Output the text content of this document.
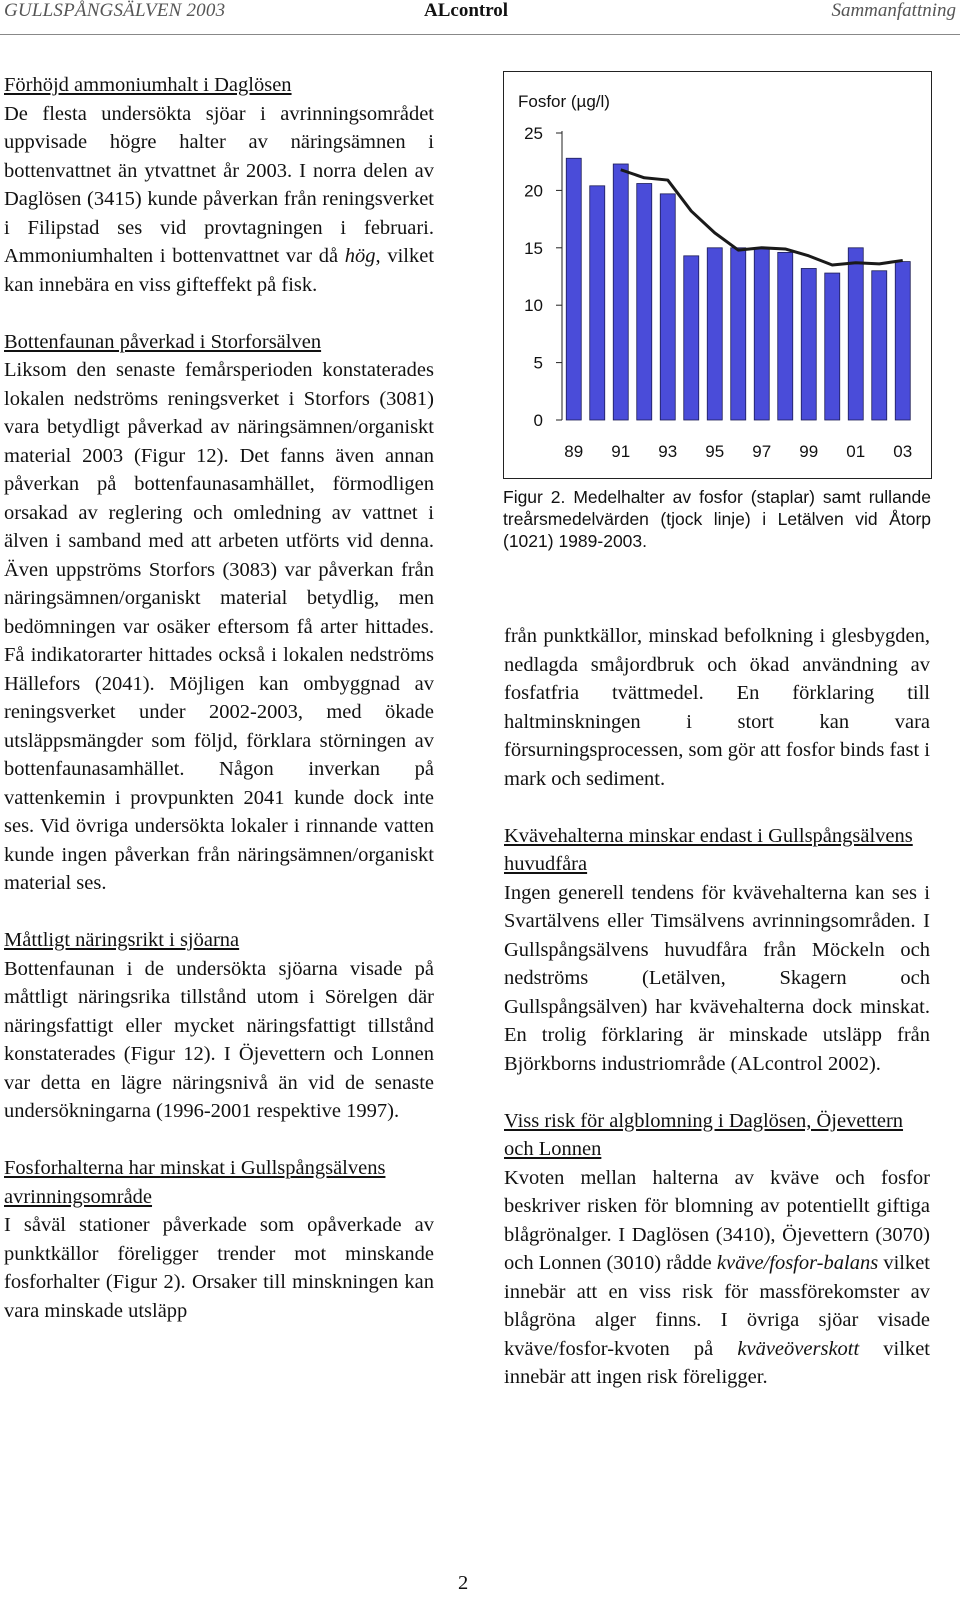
GULLSPÅNGSÄLVEN 2003	ALcontrol	Sammanfattning
Förhöjd ammoniumhalt i Daglösen
De flesta undersökta sjöar i avrinningsområdet uppvisade högre halter av näringsämnen i bottenvattnet än ytvattnet år 2003. I norra delen av Daglösen (3415) kunde påverkan från reningsverket i Filipstad ses vid provtagningen i februari. Ammoniumhalten i bottenvattnet var då hög, vilket kan innebära en viss gifteffekt på fisk.
Bottenfaunan påverkad i Storforsälven
Liksom den senaste femårsperioden konstaterades lokalen nedströms reningsverket i Storfors (3081) vara betydligt påverkad av näringsämnen/organiskt material 2003 (Figur 12). Det fanns även annan påverkan på bottenfaunasamhället, förmodligen orsakad av reglering och omledning av vattnet i älven i samband med att arbeten utförts vid denna. Även uppströms Storfors (3083) var påverkan från näringsämnen/organiskt material betydlig, men bedömningen var osäker eftersom få arter hittades. Få indikatorarter hittades också i lokalen nedströms Hällefors (2041). Möjligen kan ombyggnad av reningsverket under 2002-2003, med ökade utsläppsmängder som följd, förklara störningen av bottenfaunasamhället. Någon inverkan på vattenkemin i provpunkten 2041 kunde dock inte ses. Vid övriga undersökta lokaler i rinnande vatten kunde ingen påverkan från näringsämnen/organiskt material ses.
Måttligt näringsrikt i sjöarna
Bottenfaunan i de undersökta sjöarna visade på måttligt näringsrika tillstånd utom i Sörelgen där näringsfattigt eller mycket näringsfattigt tillstånd konstaterades (Figur 12). I Öjevettern och Lonnen var detta en lägre näringsnivå än vid de senaste undersökningarna (1996-2001 respektive 1997).
Fosforhalterna har minskat i Gullspångsälvens avrinningsområde
I såväl stationer påverkade som opåverkade av punktkällor föreligger trender mot minskande fosforhalter (Figur 2). Orsaker till minskningen kan vara minskade utsläpp
Fosfor (µg/l)
25
20
15
10
5
0
89 91 93 95 97 99 01 03
Figur 2. Medelhalter av fosfor (staplar) samt rullande treårsmedelvärden (tjock linje) i Letälven vid Åtorp (1021) 1989-2003.
från punktkällor, minskad befolkning i glesbygden, nedlagda småjordbruk och ökad användning av fosfatfria tvättmedel. En förklaring till haltminskningen i stort kan vara försurningsprocessen, som gör att fosfor binds fast i mark och sediment.
Kvävehalterna minskar endast i Gullspångsälvens huvudfåra
Ingen generell tendens för kvävehalterna kan ses i Svartälvens eller Timsälvens avrinningsområden. I Gullspångsälvens huvudfåra från Möckeln och nedströms (Letälven, Skagern och Gullspångsälven) har kvävehalterna dock minskat. En trolig förklaring är minskade utsläpp från Björkborns industriområde (ALcontrol 2002).
Viss risk för algblomning i Daglösen, Öjevettern och Lonnen
Kvoten mellan halterna av kväve och fosfor beskriver risken för blomning av potentiellt giftiga blågrönalger. I Daglösen (3410), Öjevettern (3070) och Lonnen (3010) rådde kväve/fosfor-balans vilket innebär att en viss risk för massförekomster av blågröna alger finns. I övriga sjöar visade kväve/fosfor-kvoten på kväveöverskott vilket innebär att ingen risk föreligger.
2
